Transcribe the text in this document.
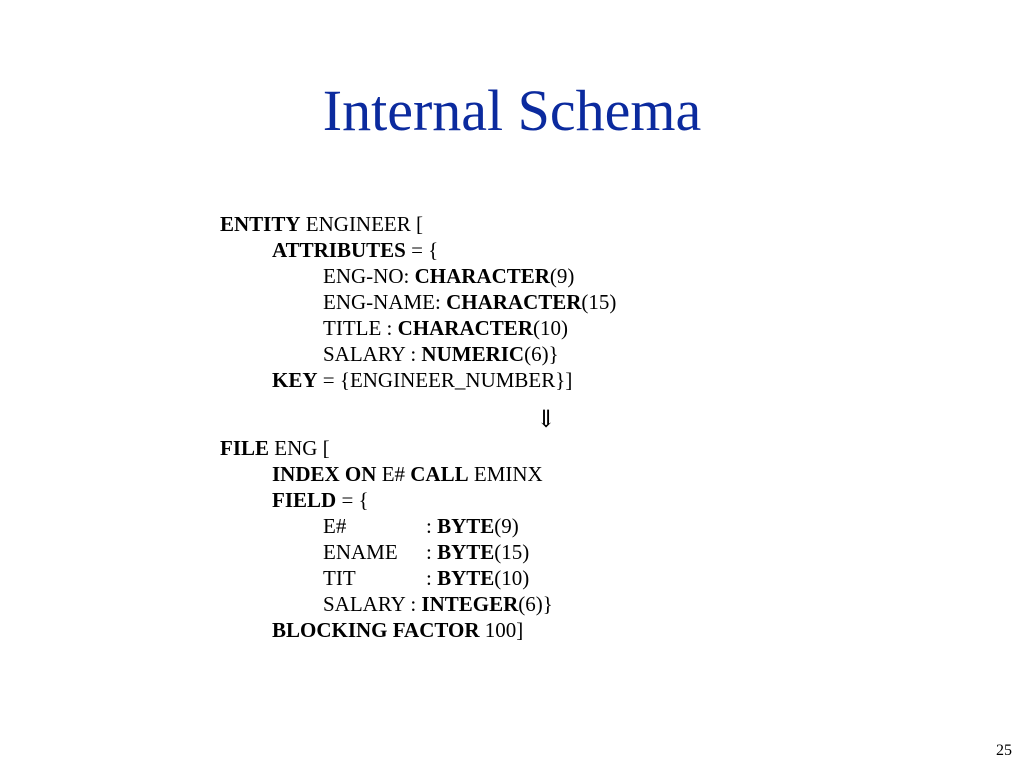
Internal Schema
ENTITY ENGINEER [
ATTRIBUTES = {
ENG-NO: CHARACTER(9)
ENG-NAME: CHARACTER(15)
TITLE : CHARACTER(10)
SALARY : NUMERIC(6)}
KEY = {ENGINEER_NUMBER}]
⇓
FILE ENG [
INDEX ON E# CALL EMINX
FIELD = {
E#	: BYTE(9)
ENAME : BYTE(15)
TIT	: BYTE(10)
SALARY : INTEGER(6)}
BLOCKING FACTOR 100]
25
